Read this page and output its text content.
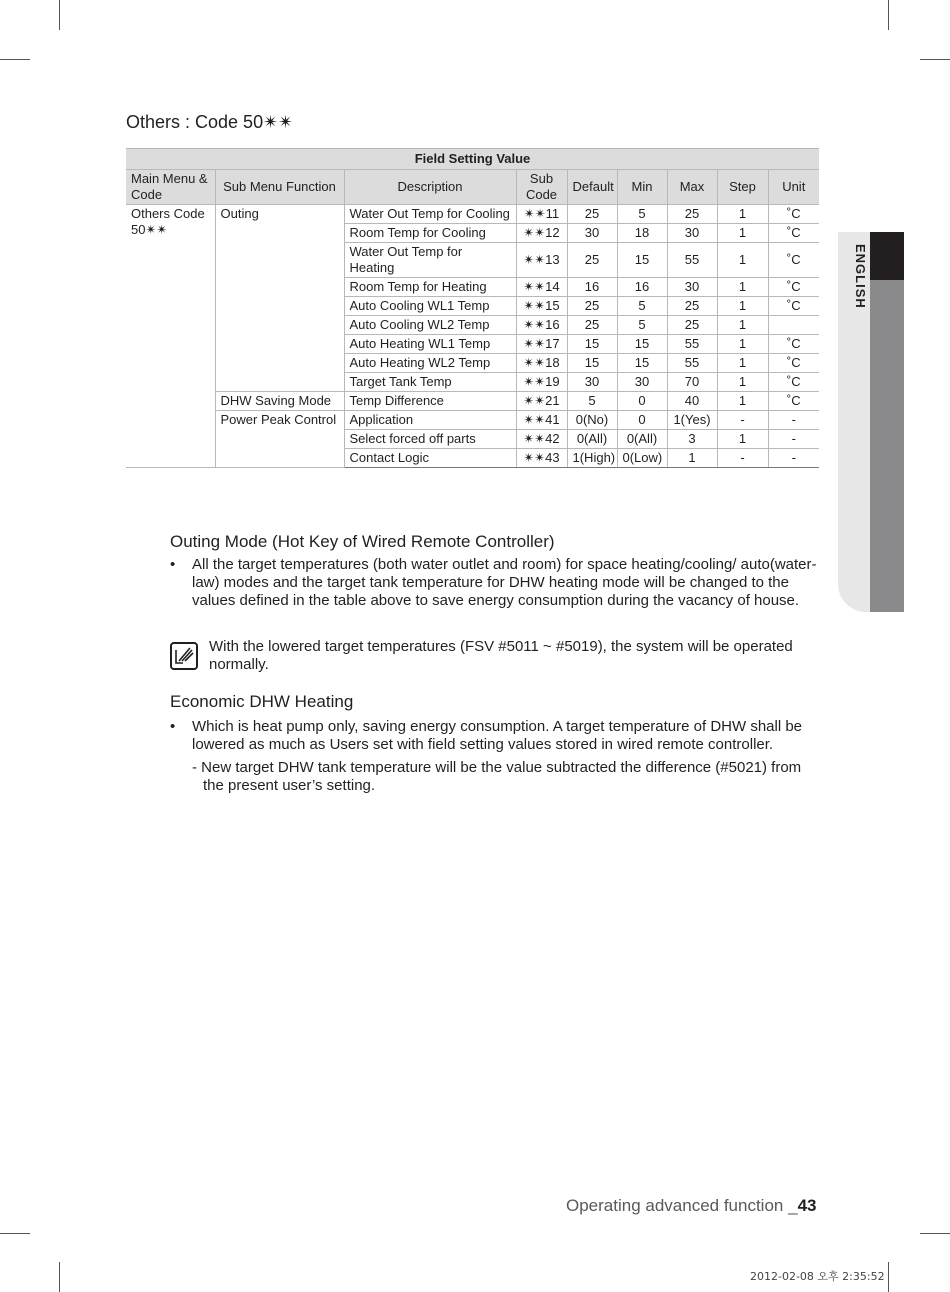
ENGLISH
Others : Code 50✴✴
Field Setting Value								
Main Menu & Code	Sub Menu Function	Description	Sub Code	Default	Min	Max	Step	Unit
Others Code 50✴✴	Outing	Water Out Temp for Cooling	✴✴11	25	5	25	1	˚C
		Room Temp for Cooling	✴✴12	30	18	30	1	˚C
		Water Out Temp for Heating	✴✴13	25	15	55	1	˚C
		Room Temp for Heating	✴✴14	16	16	30	1	˚C
		Auto Cooling WL1 Temp	✴✴15	25	5	25	1	˚C
		Auto Cooling WL2 Temp	✴✴16	25	5	25	1	
		Auto Heating WL1 Temp	✴✴17	15	15	55	1	˚C
		Auto Heating WL2 Temp	✴✴18	15	15	55	1	˚C
		Target Tank Temp	✴✴19	30	30	70	1	˚C
	DHW Saving Mode	Temp Difference	✴✴21	5	0	40	1	˚C
	Power Peak Control	Application	✴✴41	0(No)	0	1(Yes)	-	-
		Select forced off parts	✴✴42	0(All)	0(All)	3	1	-
		Contact Logic	✴✴43	1(High)	0(Low)	1	-	-
Outing Mode (Hot Key of Wired Remote Controller)
• All the target temperatures (both water outlet and room) for space heating/cooling/ auto(water-law) modes and the target tank temperature for DHW heating mode will be changed to the values defined in the table above to save energy consumption during the vacancy of house.
With the lowered target temperatures (FSV #5011 ~ #5019), the system will be operated normally.
Economic DHW Heating
• Which is heat pump only, saving energy consumption. A target temperature of DHW shall be lowered as much as Users set with field setting values stored in wired remote controller.
- New target DHW tank temperature will be the value subtracted the difference (#5021) from the present user’s setting.
Operating advanced function _43
2012-02-08 오후 2:35:52
